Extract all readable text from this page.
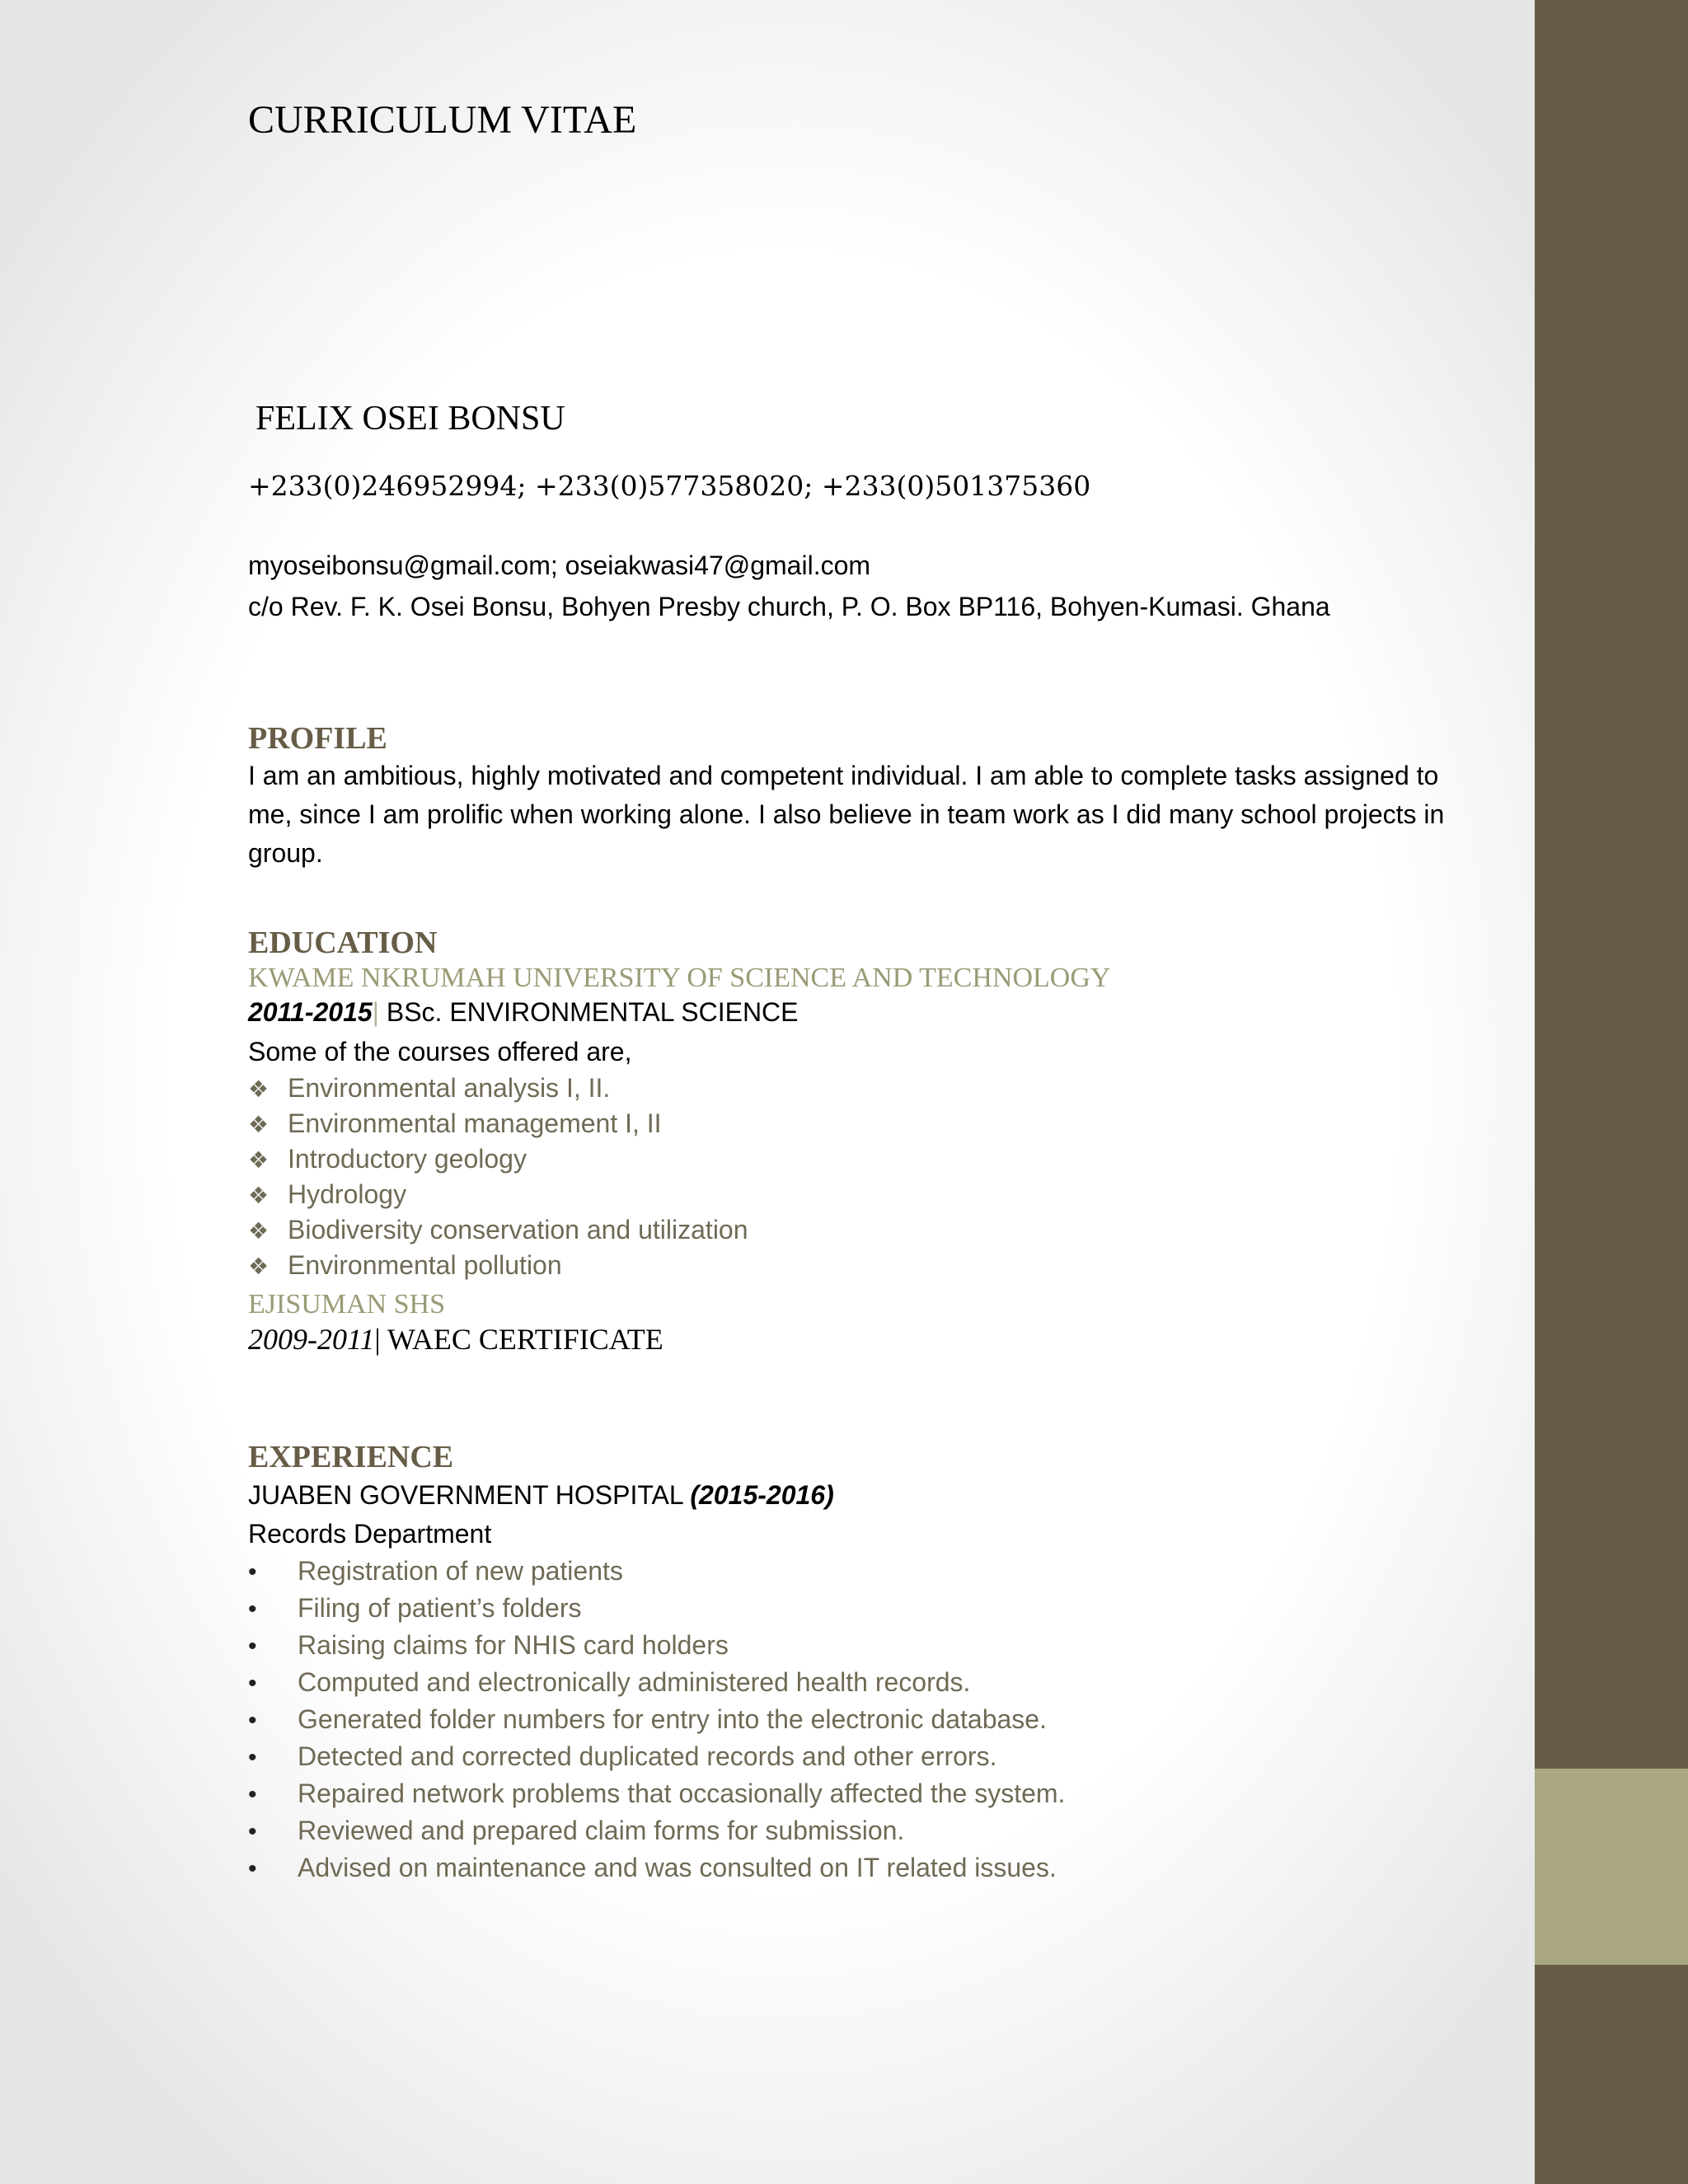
CURRICULUM VITAE
FELIX OSEI BONSU
+233(0)246952994; +233(0)577358020; +233(0)501375360
myoseibonsu@gmail.com; oseiakwasi47@gmail.com
c/o Rev. F. K. Osei Bonsu, Bohyen Presby church, P. O. Box BP116, Bohyen-Kumasi. Ghana
PROFILE
I am an ambitious, highly motivated and competent individual. I am able to complete tasks assigned to me, since I am prolific when working alone. I also believe in team work as I did many school projects in group.
EDUCATION
KWAME NKRUMAH UNIVERSITY OF SCIENCE AND TECHNOLOGY
2011-2015| BSc. ENVIRONMENTAL SCIENCE
Some of the courses offered are,
❖ Environmental analysis I, II.
❖ Environmental management I, II
❖ Introductory geology
❖ Hydrology
❖ Biodiversity conservation and utilization
❖ Environmental pollution
EJISUMAN SHS
2009-2011| WAEC CERTIFICATE
EXPERIENCE
JUABEN GOVERNMENT HOSPITAL (2015-2016)
Records Department
• Registration of new patients
• Filing of patient’s folders
• Raising claims for NHIS card holders
• Computed and electronically administered health records.
• Generated folder numbers for entry into the electronic database.
• Detected and corrected duplicated records and other errors.
• Repaired network problems that occasionally affected the system.
• Reviewed and prepared claim forms for submission.
• Advised on maintenance and was consulted on IT related issues.
